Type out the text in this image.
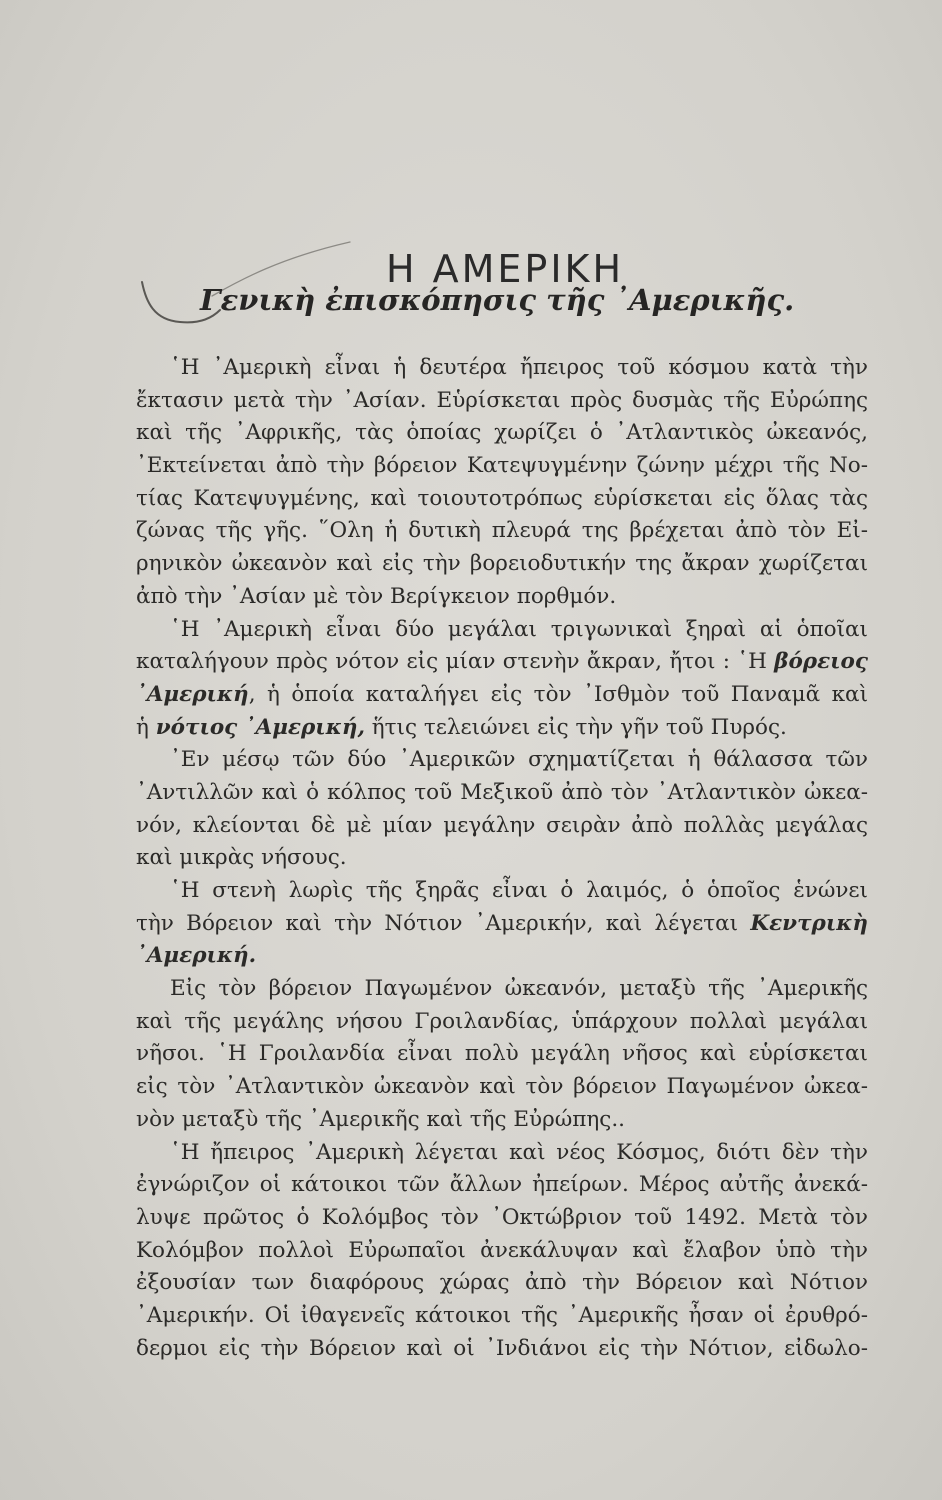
Η ΑΜΕΡΙΚΗ
Γενικὴ ἐπισκόπησις τῆς ᾿Αμερικῆς.
῾Η ᾿Αμερικὴ εἶναι ἡ δευτέρα ἤπειρος τοῦ κόσμου κατὰ τὴν
ἔκτασιν μετὰ τὴν ᾿Ασίαν. Εὑρίσκεται πρὸς δυσμὰς τῆς Εὐρώπης
καὶ τῆς ᾿Αφρικῆς, τὰς ὁποίας χωρίζει ὁ ᾿Ατλαντικὸς ὠκεανός,
᾿Εκτείνεται ἀπὸ τὴν βόρειον Κατεψυγμένην ζώνην μέχρι τῆς Νο-
τίας Κατεψυγμένης, καὶ τοιουτοτρόπως εὑρίσκεται εἰς ὅλας τὰς
ζώνας τῆς γῆς. ῞Ολη ἡ δυτικὴ πλευρά της βρέχεται ἀπὸ τὸν Εἰ-
ρηνικὸν ὠκεανὸν καὶ εἰς τὴν βορειοδυτικήν της ἄκραν χωρίζεται
ἀπὸ τὴν ᾿Ασίαν μὲ τὸν Βερίγκειον πορθμόν.
῾Η ᾿Αμερικὴ εἶναι δύο μεγάλαι τριγωνικαὶ ξηραὶ αἱ ὁποῖαι
καταλήγουν πρὸς νότον εἰς μίαν στενὴν ἄκραν, ἤτοι : ῾Η βόρειος
᾿Αμερική, ἡ ὁποία καταλήγει εἰς τὸν ᾿Ισθμὸν τοῦ Παναμᾶ καὶ
ἡ νότιος ᾿Αμερική, ἥτις τελειώνει εἰς τὴν γῆν τοῦ Πυρός.
᾿Εν μέσῳ τῶν δύο ᾿Αμερικῶν σχηματίζεται ἡ θάλασσα τῶν
᾿Αντιλλῶν καὶ ὁ κόλπος τοῦ Μεξικοῦ ἀπὸ τὸν ᾿Ατλαντικὸν ὠκεα-
νόν, κλείονται δὲ μὲ μίαν μεγάλην σειρὰν ἀπὸ πολλὰς μεγάλας
καὶ μικρὰς νήσους.
῾Η στενὴ λωρὶς τῆς ξηρᾶς εἶναι ὁ λαιμός, ὁ ὁποῖος ἑνώνει
τὴν Βόρειον καὶ τὴν Νότιον ᾿Αμερικήν, καὶ λέγεται Κεντρικὴ
᾿Αμερική.
Εἰς τὸν βόρειον Παγωμένον ὠκεανόν, μεταξὺ τῆς ᾿Αμερικῆς
καὶ τῆς μεγάλης νήσου Γροιλανδίας, ὑπάρχουν πολλαὶ μεγάλαι
νῆσοι. ῾Η Γροιλανδία εἶναι πολὺ μεγάλη νῆσος καὶ εὑρίσκεται
εἰς τὸν ᾿Ατλαντικὸν ὠκεανὸν καὶ τὸν βόρειον Παγωμένον ὠκεα-
νὸν μεταξὺ τῆς ᾿Αμερικῆς καὶ τῆς Εὐρώπης..
῾Η ἤπειρος ᾿Αμερικὴ λέγεται καὶ νέος Κόσμος, διότι δὲν τὴν
ἐγνώριζον οἱ κάτοικοι τῶν ἄλλων ἠπείρων. Μέρος αὐτῆς ἀνεκά-
λυψε πρῶτος ὁ Κολόμβος τὸν ᾿Οκτώβριον τοῦ 1492. Μετὰ τὸν
Κολόμβον πολλοὶ Εὐρωπαῖοι ἀνεκάλυψαν καὶ ἔλαβον ὑπὸ τὴν
ἐξουσίαν των διαφόρους χώρας ἀπὸ τὴν Βόρειον καὶ Νότιον
᾿Αμερικήν. Οἱ ἰθαγενεῖς κάτοικοι τῆς ᾿Αμερικῆς ἦσαν οἱ ἐρυθρό-
δερμοι εἰς τὴν Βόρειον καὶ οἱ ᾿Ινδιάνοι εἰς τὴν Νότιον, εἰδωλο-
